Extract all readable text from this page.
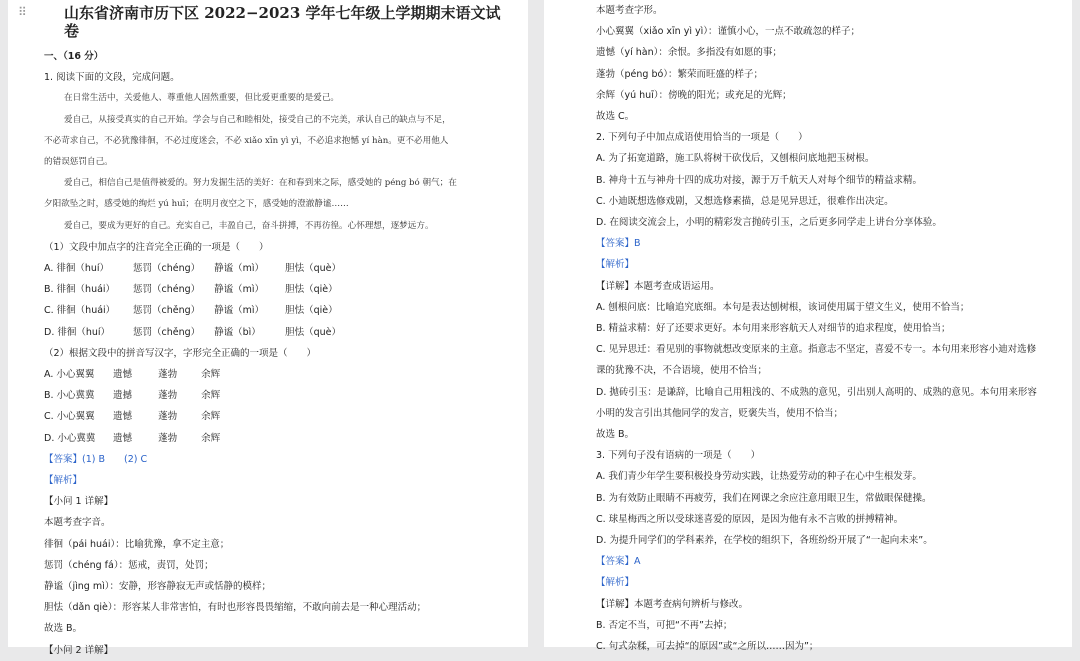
⠿	山东省济南市历下区 2022−2023 学年七年级上学期期末语文试卷
一、（16 分）
1. 阅读下面的文段，完成问题。
在日常生活中，关爱他人、尊重他人固然重要，但比爱更重要的是爱己。
爱自己，从接受真实的自己开始。学会与自己和睦相处，接受自己的不完美，承认自己的缺点与不足，
不必苛求自己，不必犹豫徘徊，不必过度迷会，不必 xiǎo xīn yì yì，不必追求抱憾 yí hàn。更不必用他人
的错误惩罚自己。
爱自己，相信自己是值得被爱的。努力发掘生活的美好：在和春到来之际，感受她的 péng bó 朝气；在
夕阳欲坠之时，感受她的绚烂 yú huī；在明月夜空之下，感受她的澄澈静谧……
爱自己，要成为更好的自己。充实自己，丰盈自己，奋斗拼搏，不再彷徨。心怀理想，逐梦远方。
（1）文段中加点字的注音完全正确的一项是（　　）
A. 徘徊（huí）	惩罚（chéng） 静谧（mì） 胆怯（què）
B. 徘徊（huái） 惩罚（chéng） 静谧（mì） 胆怯（qiè）
C. 徘徊（huái） 惩罚（chěng） 静谧（mì） 胆怯（qiè）
D. 徘徊（huí） 惩罚（chěng） 静谧（bì）	胆怯（què）
（2）根据文段中的拼音写汉字，字形完全正确的一项是（　　）
A. 小心翼翼 遗憾	蓬勃	余辉
B. 小心冀冀 遗撼	蓬勃	余辉
C. 小心翼翼 遗憾	蓬勃	余辉
D. 小心冀冀 遗憾	蓬勃	余辉
【答案】(1) B　　(2) C
【解析】
【小问 1 详解】
本题考查字音。
徘徊（pái huái）：比喻犹豫，拿不定主意；
惩罚（chéng fá）：惩戒，责罚，处罚；
静谧（jìng mì）：安静，形容静寂无声或恬静的模样；
胆怯（dǎn qiè）：形容某人非常害怕，有时也形容畏畏缩缩，不敢向前去是一种心理活动；
故选 B。
【小问 2 详解】
本题考查字形。
小心翼翼（xiǎo xīn yì yì）：谨慎小心，一点不敢疏忽的样子；
遗憾（yí hàn）：余恨。多指没有如愿的事；
蓬勃（péng bó）：繁荣而旺盛的样子；
余辉（yú huī）：傍晚的阳光；或充足的光辉；
故选 C。
2. 下列句子中加点成语使用恰当的一项是（　　）
A. 为了拓宽道路，施工队将树干砍伐后，又刨根问底地把玉树根。
B. 神舟十五与神舟十四的成功对接，源于万千航天人对每个细节的精益求精。
C. 小迪既想选修戏剧，又想选修素描，总是见异思迁，很难作出决定。
D. 在阅读交流会上，小明的精彩发言抛砖引玉，之后更多同学走上讲台分享体验。
【答案】B
【解析】
【详解】本题考查成语运用。
A. 刨根问底：比喻追究底细。本句是表达刨树根，该词使用属于望文生义，使用不恰当；
B. 精益求精：好了还要求更好。本句用来形容航天人对细节的追求程度，使用恰当；
C. 见异思迁：看见别的事物就想改变原来的主意。指意志不坚定，喜爱不专一。本句用来形容小迪对选修
课的犹豫不决，不合语境，使用不恰当；
D. 抛砖引玉：是谦辞，比喻自己用粗浅的、不成熟的意见，引出别人高明的、成熟的意见。本句用来形容
小明的发言引出其他同学的发言，贬褒失当，使用不恰当；
故选 B。
3. 下列句子没有语病的一项是（　　）
A. 我们青少年学生要积极投身劳动实践，让热爱劳动的种子在心中生根发芽。
B. 为有效防止眼睛不再疲劳，我们在网课之余应注意用眼卫生，常做眼保健操。
C. 球星梅西之所以受球迷喜爱的原因，是因为他有永不言败的拼搏精神。
D. 为提升同学们的学科素养，在学校的组织下，各班纷纷开展了“一起向未来”。
【答案】A
【解析】
【详解】本题考查病句辨析与修改。
B. 否定不当，可把“不再”去掉；
C. 句式杂糅，可去掉“的原因”或“之所以……因为”；
